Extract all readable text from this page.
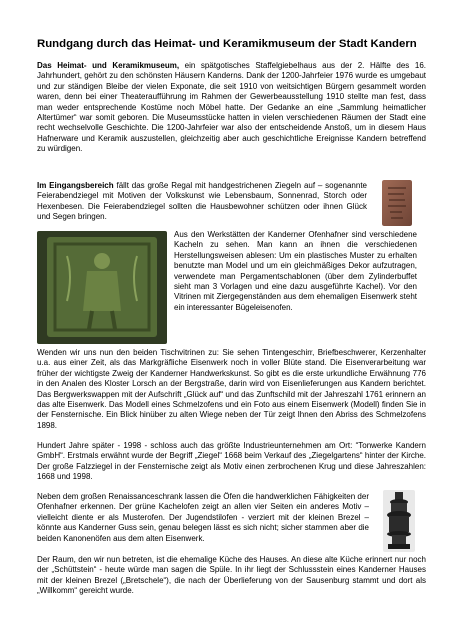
Rundgang durch das Heimat- und Keramikmuseum der Stadt Kandern

Das Heimat- und Keramikmuseum, ein spätgotisches Staffelgiebelhaus aus der 2. Hälfte des 16. Jahrhundert, gehört zu den schönsten Häusern Kanderns. Dank der 1200-Jahrfeier 1976 wurde es umgebaut und zur ständigen Bleibe der vielen Exponate, die seit 1910 von weitsichtigen Bürgern gesammelt worden waren, denn bei einer Theateraufführung im Rahmen der Gewerbeausstellung 1910 stellte man fest, dass man weder entsprechende Kostüme noch Möbel hatte. Der Gedanke an eine „Sammlung heimatlicher Altertümer“ war somit geboren. Die Museumsstücke hatten in vielen verschiedenen Räumen der Stadt eine recht wechselvolle Geschichte. Die 1200-Jahrfeier war also der entscheidende Anstoß, um in diesem Haus Hafnerware und Keramik auszustellen, gleichzeitig aber auch geschichtliche Ereignisse Kandern betreffend zu würdigen.

Im Eingangsbereich fällt das große Regal mit handgestrichenen Ziegeln auf – sogenannte Feierabendziegel mit Motiven der Volkskunst wie Lebensbaum, Sonnenrad, Storch oder Hexenbesen. Die Feierabendziegel sollten die Hausbewohner schützen oder ihnen Glück und Segen bringen.

Aus den Werkstätten der Kanderner Ofenhafner sind verschiedene Kacheln zu sehen. Man kann an ihnen die verschiedenen Herstellungsweisen ablesen: Um ein plastisches Muster zu erhalten benutzte man Model und um ein gleichmäßiges Dekor aufzutragen, verwendete man Pergamentschablonen (über dem Zylinderbuffet sieht man 3 Vorlagen und eine dazu ausgeführte Kachel). Vor den Vitrinen mit Ziergegenständen aus dem ehemaligen Eisenwerk steht ein interessanter Bügeleisenofen.

Wenden wir uns nun den beiden Tischvitrinen zu: Sie sehen Tintengeschirr, Briefbeschwerer, Kerzenhalter u.a. aus einer Zeit, als das Markgräfliche Eisenwerk noch in voller Blüte stand. Die Eisenverarbeitung war früher der wichtigste Zweig der Kanderner Handwerkskunst. So gibt es die erste urkundliche Erwähnung 776 in den Analen des Kloster Lorsch an der Bergstraße, darin wird von Eisenlieferungen aus Kandern berichtet. Das Bergwerkswappen mit der Aufschrift „Glück auf“ und das Zunftschild mit der Jahreszahl 1761 erinnern an das alte Eisenwerk. Das Modell eines Schmelzofens und ein Foto aus einem Eisenwerk (Modell) finden Sie in der Fensternische. Ein Blick hinüber zu alten Wiege neben der Tür zeigt Ihnen den Abriss des Schmelzofens 1898.

Hundert Jahre später - 1998 - schloss auch das größte Industrieunternehmen am Ort: “Tonwerke Kandern GmbH“. Erstmals erwähnt wurde der Begriff „Ziegel“ 1668 beim Verkauf des „Ziegelgartens“ hinter der Kirche. Der große Falzziegel in der Fensternische zeigt als Motiv einen zerbrochenen Krug und diese Jahreszahlen: 1668 und 1998.

Neben dem großen Renaissanceschrank lassen die Öfen die handwerklichen Fähigkeiten der Ofenhafner erkennen. Der grüne Kachelofen zeigt an allen vier Seiten ein anderes Motiv – vielleicht diente er als Musterofen. Der Jugendstilofen - verziert mit der kleinen Brezel – könnte aus Kanderner Guss sein, genau belegen lässt es sich nicht; sicher stammen aber die beiden Kanonenöfen aus dem alten Eisenwerk.

Der Raum, den wir nun betreten, ist die ehemalige Küche des Hauses. An diese alte Küche erinnert nur noch der „Schüttstein“ - heute würde man sagen die Spüle. In ihr liegt der Schlussstein eines Kanderner Hauses mit der kleinen Brezel („Bretschele“), die nach der Überlieferung von der Sausenburg stammt und dort als „Willkomm“ gereicht wurde.
